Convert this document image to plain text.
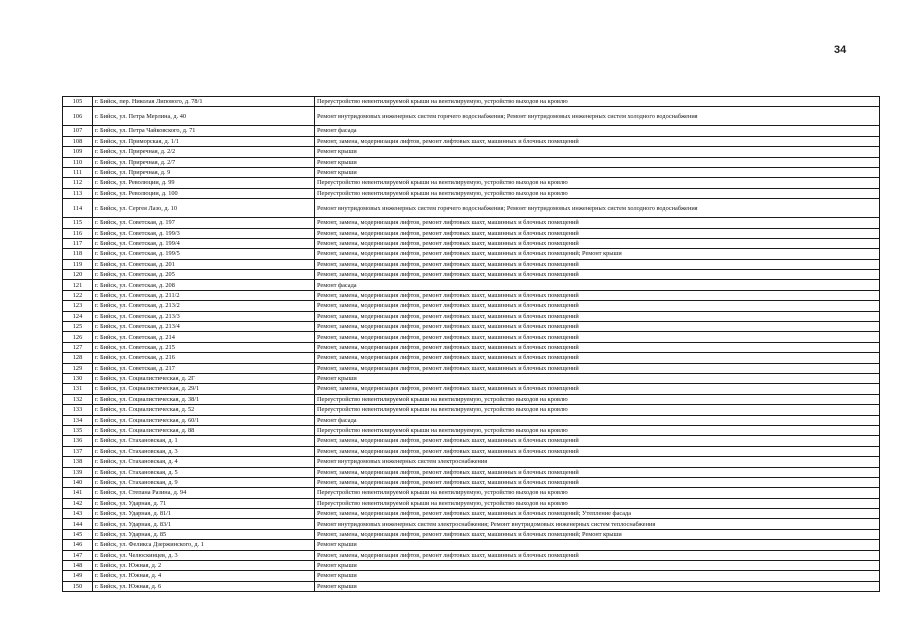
34
105	г. Бийск, пер. Николая Липового, д. 78/1	Переустройство невентилируемой крыши на вентилируемую, устройство выходов на кровлю
106	г. Бийск, ул. Петра Мерлина, д. 40	Ремонт внутридомовых инженерных систем горячего водоснабжения; Ремонт внутридомовых инженерных систем холодного водоснабжения
107	г. Бийск, ул. Петра Чайковского, д. 71	Ремонт фасада
108	г. Бийск, ул. Приморская, д. 1/1	Ремонт, замена, модернизация лифтов, ремонт лифтовых шахт, машинных и блочных помещений
109	г. Бийск, ул. Приречная, д. 2/2	Ремонт крыши
110	г. Бийск, ул. Приречная, д. 2/7	Ремонт крыши
111	г. Бийск, ул. Приречная, д. 9	Ремонт крыши
112	г. Бийск, ул. Революции, д. 99	Переустройство невентилируемой крыши на вентилируемую, устройство выходов на кровлю
113	г. Бийск, ул. Революции, д. 100	Переустройство невентилируемой крыши на вентилируемую, устройство выходов на кровлю
114	г. Бийск, ул. Сергея Лазо, д. 10	Ремонт внутридомовых инженерных систем горячего водоснабжения; Ремонт внутридомовых инженерных систем холодного водоснабжения
115	г. Бийск, ул. Советская, д. 197	Ремонт, замена, модернизация лифтов, ремонт лифтовых шахт, машинных и блочных помещений
116	г. Бийск, ул. Советская, д. 199/3	Ремонт, замена, модернизация лифтов, ремонт лифтовых шахт, машинных и блочных помещений
117	г. Бийск, ул. Советская, д. 199/4	Ремонт, замена, модернизация лифтов, ремонт лифтовых шахт, машинных и блочных помещений
118	г. Бийск, ул. Советская, д. 199/5	Ремонт, замена, модернизация лифтов, ремонт лифтовых шахт, машинных и блочных помещений; Ремонт крыши
119	г. Бийск, ул. Советская, д. 201	Ремонт, замена, модернизация лифтов, ремонт лифтовых шахт, машинных и блочных помещений
120	г. Бийск, ул. Советская, д. 205	Ремонт, замена, модернизация лифтов, ремонт лифтовых шахт, машинных и блочных помещений
121	г. Бийск, ул. Советская, д. 208	Ремонт фасада
122	г. Бийск, ул. Советская, д. 211/2	Ремонт, замена, модернизация лифтов, ремонт лифтовых шахт, машинных и блочных помещений
123	г. Бийск, ул. Советская, д. 213/2	Ремонт, замена, модернизация лифтов, ремонт лифтовых шахт, машинных и блочных помещений
124	г. Бийск, ул. Советская, д. 213/3	Ремонт, замена, модернизация лифтов, ремонт лифтовых шахт, машинных и блочных помещений
125	г. Бийск, ул. Советская, д. 213/4	Ремонт, замена, модернизация лифтов, ремонт лифтовых шахт, машинных и блочных помещений
126	г. Бийск, ул. Советская, д. 214	Ремонт, замена, модернизация лифтов, ремонт лифтовых шахт, машинных и блочных помещений
127	г. Бийск, ул. Советская, д. 215	Ремонт, замена, модернизация лифтов, ремонт лифтовых шахт, машинных и блочных помещений
128	г. Бийск, ул. Советская, д. 216	Ремонт, замена, модернизация лифтов, ремонт лифтовых шахт, машинных и блочных помещений
129	г. Бийск, ул. Советская, д. 217	Ремонт, замена, модернизация лифтов, ремонт лифтовых шахт, машинных и блочных помещений
130	г. Бийск, ул. Социалистическая, д. 2Г	Ремонт крыши
131	г. Бийск, ул. Социалистическая, д. 29/1	Ремонт, замена, модернизация лифтов, ремонт лифтовых шахт, машинных и блочных помещений
132	г. Бийск, ул. Социалистическая, д. 38/1	Переустройство невентилируемой крыши на вентилируемую, устройство выходов на кровлю
133	г. Бийск, ул. Социалистическая, д. 52	Переустройство невентилируемой крыши на вентилируемую, устройство выходов на кровлю
134	г. Бийск, ул. Социалистическая, д. 60/1	Ремонт фасада
135	г. Бийск, ул. Социалистическая, д. 88	Переустройство невентилируемой крыши на вентилируемую, устройство выходов на кровлю
136	г. Бийск, ул. Стахановская, д. 1	Ремонт, замена, модернизация лифтов, ремонт лифтовых шахт, машинных и блочных помещений
137	г. Бийск, ул. Стахановская, д. 3	Ремонт, замена, модернизация лифтов, ремонт лифтовых шахт, машинных и блочных помещений
138	г. Бийск, ул. Стахановская, д. 4	Ремонт внутридомовых инженерных систем электроснабжения
139	г. Бийск, ул. Стахановская, д. 5	Ремонт, замена, модернизация лифтов, ремонт лифтовых шахт, машинных и блочных помещений
140	г. Бийск, ул. Стахановская, д. 9	Ремонт, замена, модернизация лифтов, ремонт лифтовых шахт, машинных и блочных помещений
141	г. Бийск, ул. Степана Разина, д. 94	Переустройство невентилируемой крыши на вентилируемую, устройство выходов на кровлю
142	г. Бийск, ул. Ударная, д. 71	Переустройство невентилируемой крыши на вентилируемую, устройство выходов на кровлю
143	г. Бийск, ул. Ударная, д. 81/1	Ремонт, замена, модернизация лифтов, ремонт лифтовых шахт, машинных и блочных помещений; Утепление фасада
144	г. Бийск, ул. Ударная, д. 83/1	Ремонт внутридомовых инженерных систем электроснабжения; Ремонт внутридомовых инженерных систем теплоснабжения
145	г. Бийск, ул. Ударная, д. 85	Ремонт, замена, модернизация лифтов, ремонт лифтовых шахт, машинных и блочных помещений; Ремонт крыши
146	г. Бийск, ул. Феликса Дзержинского, д. 1	Ремонт крыши
147	г. Бийск, ул. Челюскинцев, д. 3	Ремонт, замена, модернизация лифтов, ремонт лифтовых шахт, машинных и блочных помещений
148	г. Бийск, ул. Южная, д. 2	Ремонт крыши
149	г. Бийск, ул. Южная, д. 4	Ремонт крыши
150	г. Бийск, ул. Южная, д. 6	Ремонт крыши
